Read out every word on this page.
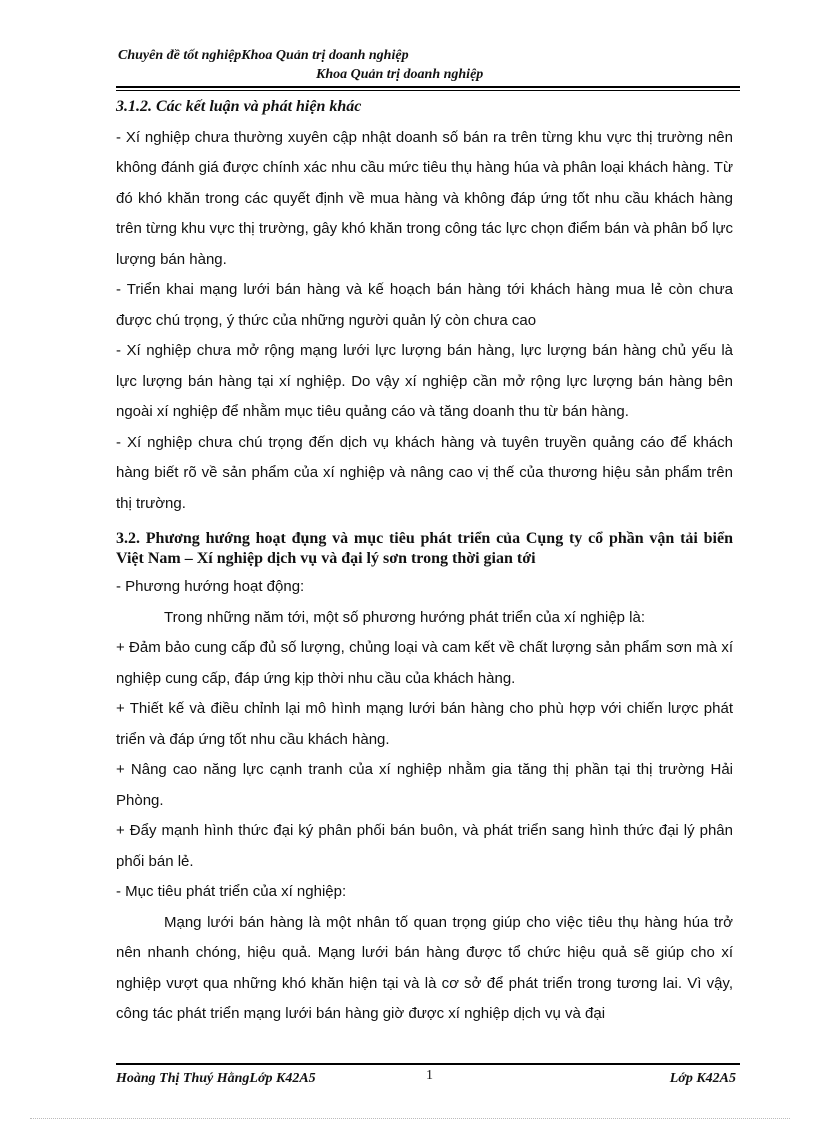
Chuyên đề tốt nghiệpKhoa Quản trị doanh nghiệp
Khoa Quản trị doanh nghiệp

3.1.2. Các kết luận và phát hiện khác

- Xí nghiệp chưa thường xuyên cập nhật doanh số bán ra trên từng khu vực thị trường nên không đánh giá được chính xác nhu cầu mức tiêu thụ hàng húa và phân loại khách hàng. Từ đó khó khăn trong các quyết định về mua hàng và không đáp ứng tốt nhu cầu khách hàng trên từng khu vực thị trường, gây khó khăn trong công tác lực chọn điểm bán và phân bổ lực lượng bán hàng.

- Triển khai mạng lưới bán hàng và kế hoạch bán hàng tới khách hàng mua lẻ còn chưa được chú trọng, ý thức của những người quản lý còn chưa cao

- Xí nghiệp chưa mở rộng mạng lưới lực lượng bán hàng, lực lượng bán hàng chủ yếu là lực lượng bán hàng tại xí nghiệp. Do vậy xí nghiệp cần mở rộng lực lượng bán hàng bên ngoài xí nghiệp để nhằm mục tiêu quảng cáo và tăng doanh thu từ bán hàng.

- Xí nghiệp chưa chú trọng đến dịch vụ khách hàng và tuyên truyền quảng cáo để khách hàng biết rõ về sản phẩm của xí nghiệp và nâng cao vị thế của thương hiệu sản phẩm trên thị trường.

3.2. Phương hướng hoạt đụng và mục tiêu phát triển của Cụng ty cổ phần vận tải biển Việt Nam – Xí nghiệp dịch vụ và đại lý sơn trong thời gian tới

- Phương hướng hoạt động:

Trong những năm tới, một số phương hướng phát triển của xí nghiệp là:

+ Đảm bảo cung cấp đủ số lượng, chủng loại và cam kết về chất lượng sản phẩm sơn mà xí nghiệp cung cấp, đáp ứng kịp thời nhu cầu của khách hàng.

+ Thiết kế và điều chỉnh lại mô hình mạng lưới bán hàng cho phù hợp với chiến lược phát triển và đáp ứng tốt nhu cầu khách hàng.

+ Nâng cao năng lực cạnh tranh của xí nghiệp nhằm gia tăng thị phần tại thị trường Hải Phòng.

+ Đẩy mạnh hình thức đại ký phân phối bán buôn, và phát triển sang hình thức đại lý phân phối bán lẻ.

- Mục tiêu phát triển của xí nghiệp:

Mạng lưới bán hàng là một nhân tố quan trọng giúp cho việc tiêu thụ hàng húa trở nên nhanh chóng, hiệu quả. Mạng lưới bán hàng được tổ chức hiệu quả sẽ giúp cho xí nghiệp vượt qua những khó khăn hiện tại và là cơ sở để phát triển trong tương lai. Vì vậy, công tác phát triển mạng lưới bán hàng giờ được xí nghiệp dịch vụ và đại

Hoàng Thị Thuý HằngLớp K42A5	1	Lớp K42A5
